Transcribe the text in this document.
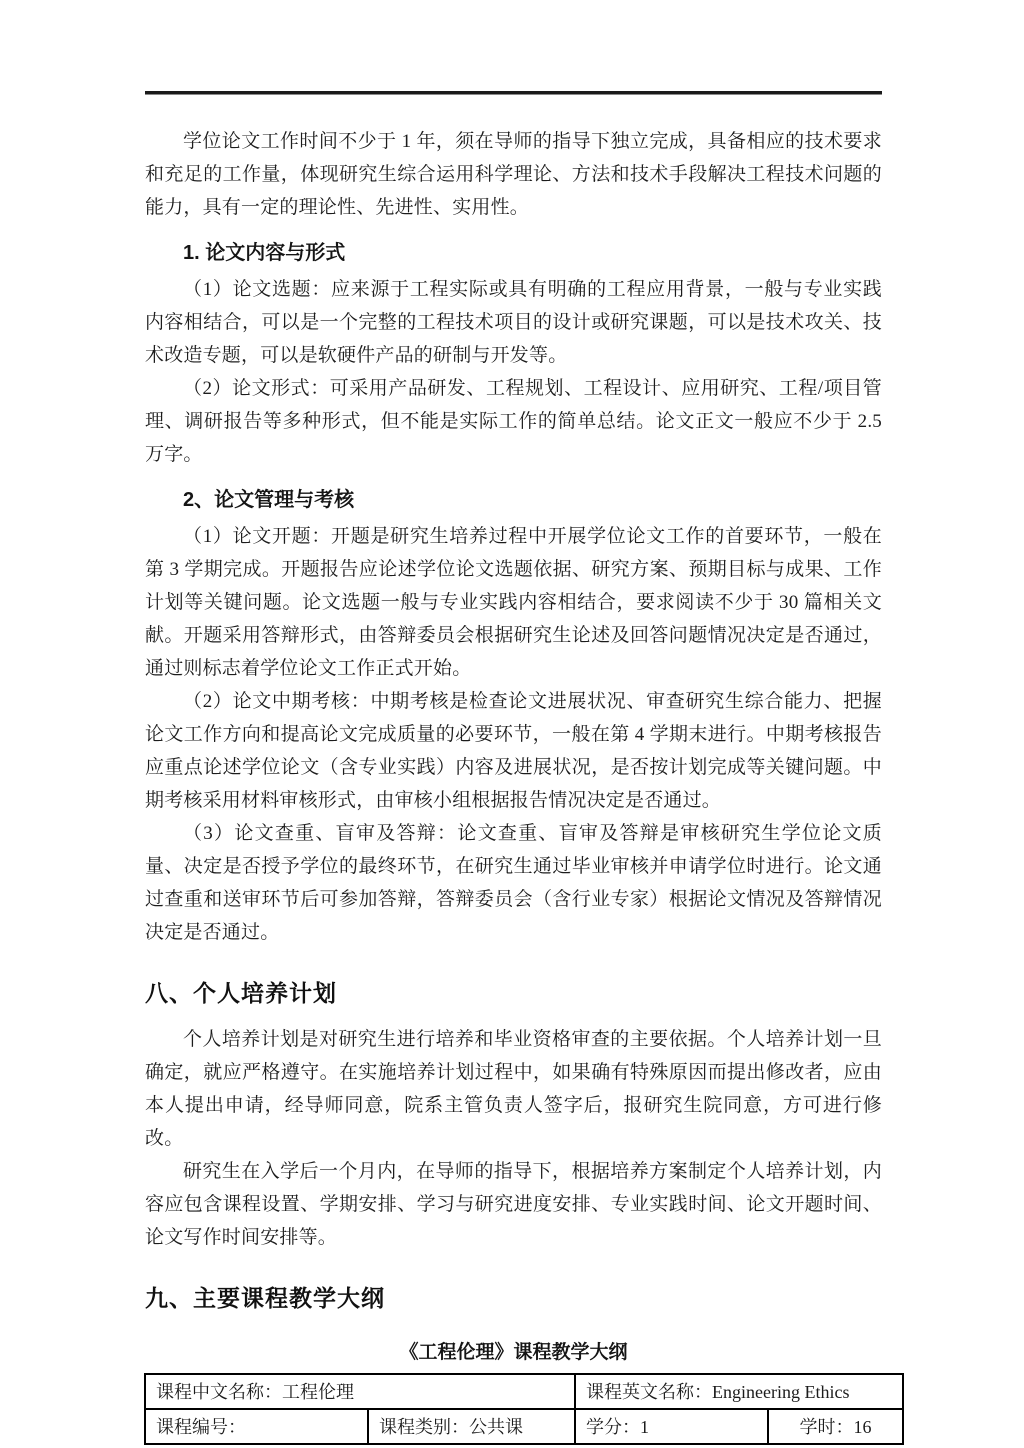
学位论文工作时间不少于 1 年，须在导师的指导下独立完成，具备相应的技术要求和充足的工作量，体现研究生综合运用科学理论、方法和技术手段解决工程技术问题的能力，具有一定的理论性、先进性、实用性。

1. 论文内容与形式

（1）论文选题：应来源于工程实际或具有明确的工程应用背景，一般与专业实践内容相结合，可以是一个完整的工程技术项目的设计或研究课题，可以是技术攻关、技术改造专题，可以是软硬件产品的研制与开发等。

（2）论文形式：可采用产品研发、工程规划、工程设计、应用研究、工程/项目管理、调研报告等多种形式，但不能是实际工作的简单总结。论文正文一般应不少于 2.5 万字。

2、论文管理与考核

（1）论文开题：开题是研究生培养过程中开展学位论文工作的首要环节，一般在第 3 学期完成。开题报告应论述学位论文选题依据、研究方案、预期目标与成果、工作计划等关键问题。论文选题一般与专业实践内容相结合，要求阅读不少于 30 篇相关文献。开题采用答辩形式，由答辩委员会根据研究生论述及回答问题情况决定是否通过，通过则标志着学位论文工作正式开始。

（2）论文中期考核：中期考核是检查论文进展状况、审查研究生综合能力、把握论文工作方向和提高论文完成质量的必要环节，一般在第 4 学期末进行。中期考核报告应重点论述学位论文（含专业实践）内容及进展状况，是否按计划完成等关键问题。中期考核采用材料审核形式，由审核小组根据报告情况决定是否通过。

（3）论文查重、盲审及答辩：论文查重、盲审及答辩是审核研究生学位论文质量、决定是否授予学位的最终环节，在研究生通过毕业审核并申请学位时进行。论文通过查重和送审环节后可参加答辩，答辩委员会（含行业专家）根据论文情况及答辩情况决定是否通过。

八、个人培养计划

个人培养计划是对研究生进行培养和毕业资格审查的主要依据。个人培养计划一旦确定，就应严格遵守。在实施培养计划过程中，如果确有特殊原因而提出修改者，应由本人提出申请，经导师同意，院系主管负责人签字后，报研究生院同意，方可进行修改。

研究生在入学后一个月内，在导师的指导下，根据培养方案制定个人培养计划，内容应包含课程设置、学期安排、学习与研究进度安排、专业实践时间、论文开题时间、论文写作时间安排等。

九、主要课程教学大纲
《工程伦理》课程教学大纲
课程中文名称：工程伦理		课程英文名称：Engineering Ethics	
课程编号：	课程类别：公共课	学分：1	学时：16
